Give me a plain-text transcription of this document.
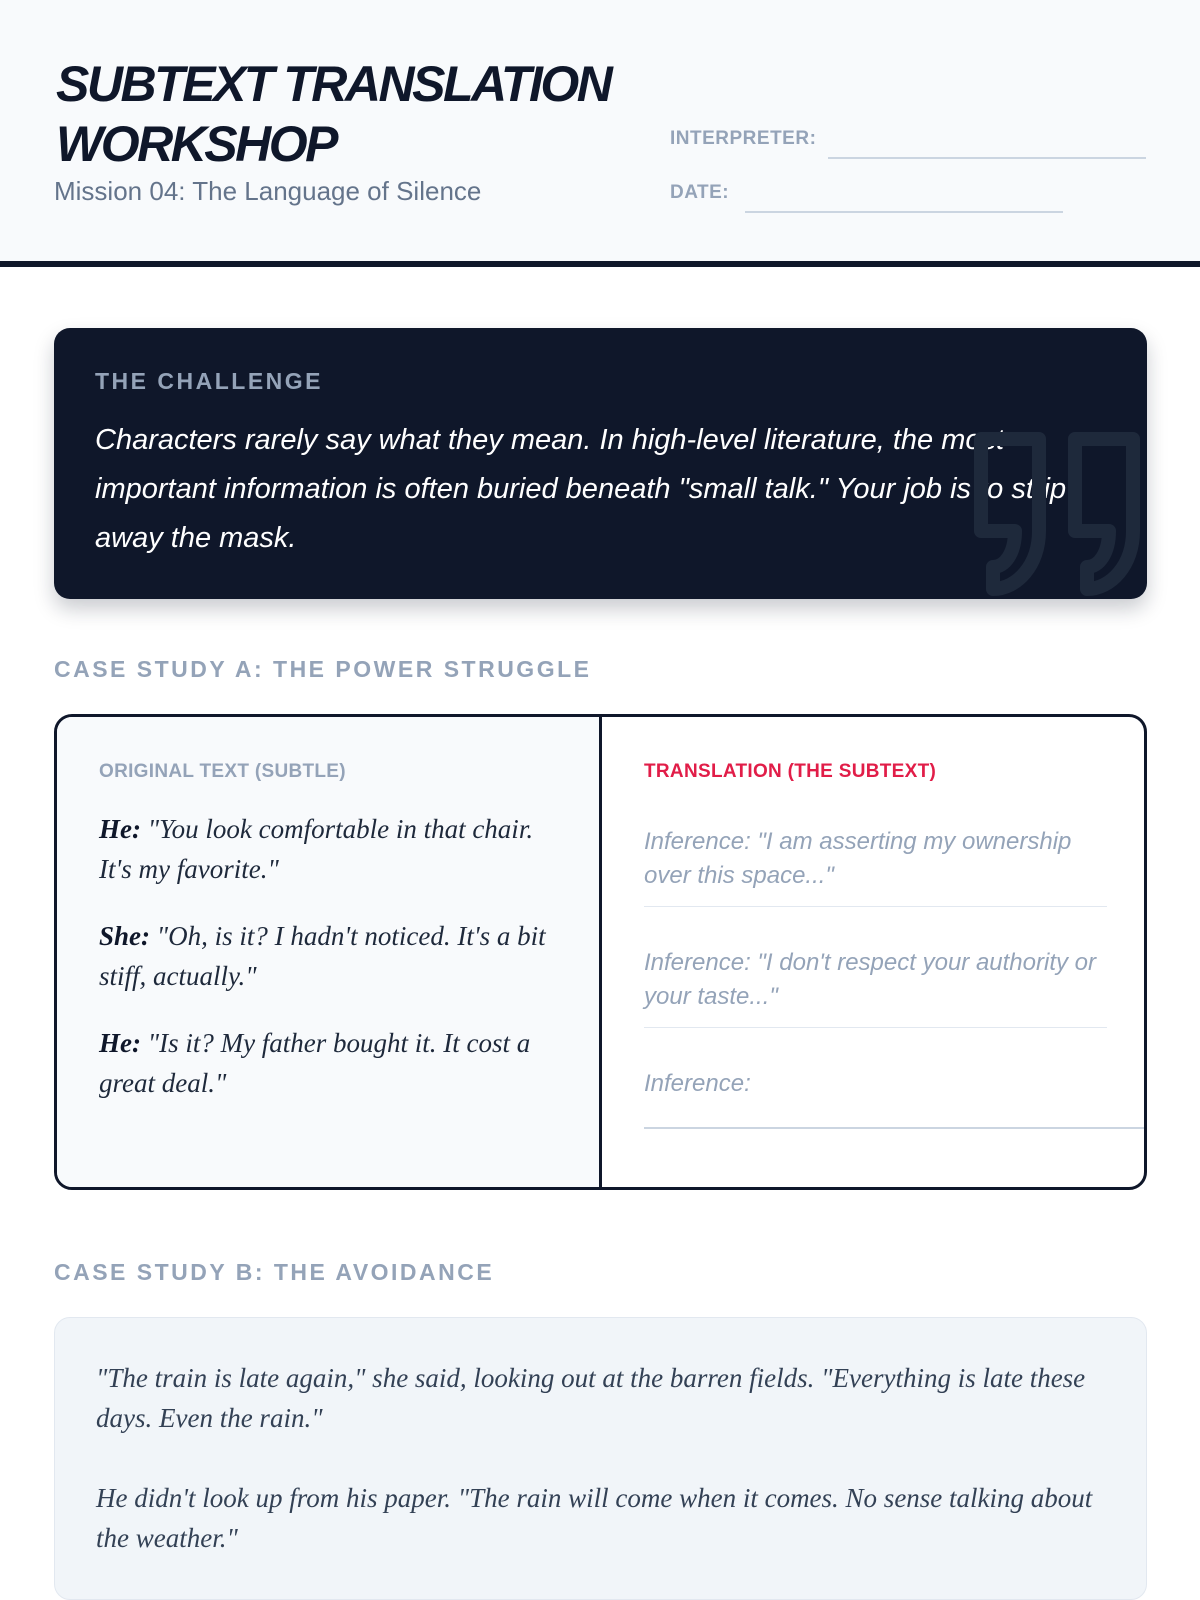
SUBTEXT TRANSLATION WORKSHOP

Mission 04: The Language of Silence

INTERPRETER:
DATE:
THE CHALLENGE

Characters rarely say what they mean. In high-level literature, the most important information is often buried beneath "small talk." Your job is to strip away the mask.

CASE STUDY A: THE POWER STRUGGLE
ORIGINAL TEXT (SUBTLE)

He: "You look comfortable in that chair. It's my favorite."

She: "Oh, is it? I hadn't noticed. It's a bit stiff, actually."

He: "Is it? My father bought it. It cost a great deal."

TRANSLATION (THE SUBTEXT)

Inference: "I am asserting my ownership over this space..."

Inference: "I don't respect your authority or your taste..."

Inference:

CASE STUDY B: THE AVOIDANCE

"The train is late again," she said, looking out at the barren fields. "Everything is late these days. Even the rain."

He didn't look up from his paper. "The rain will come when it comes. No sense talking about the weather."
